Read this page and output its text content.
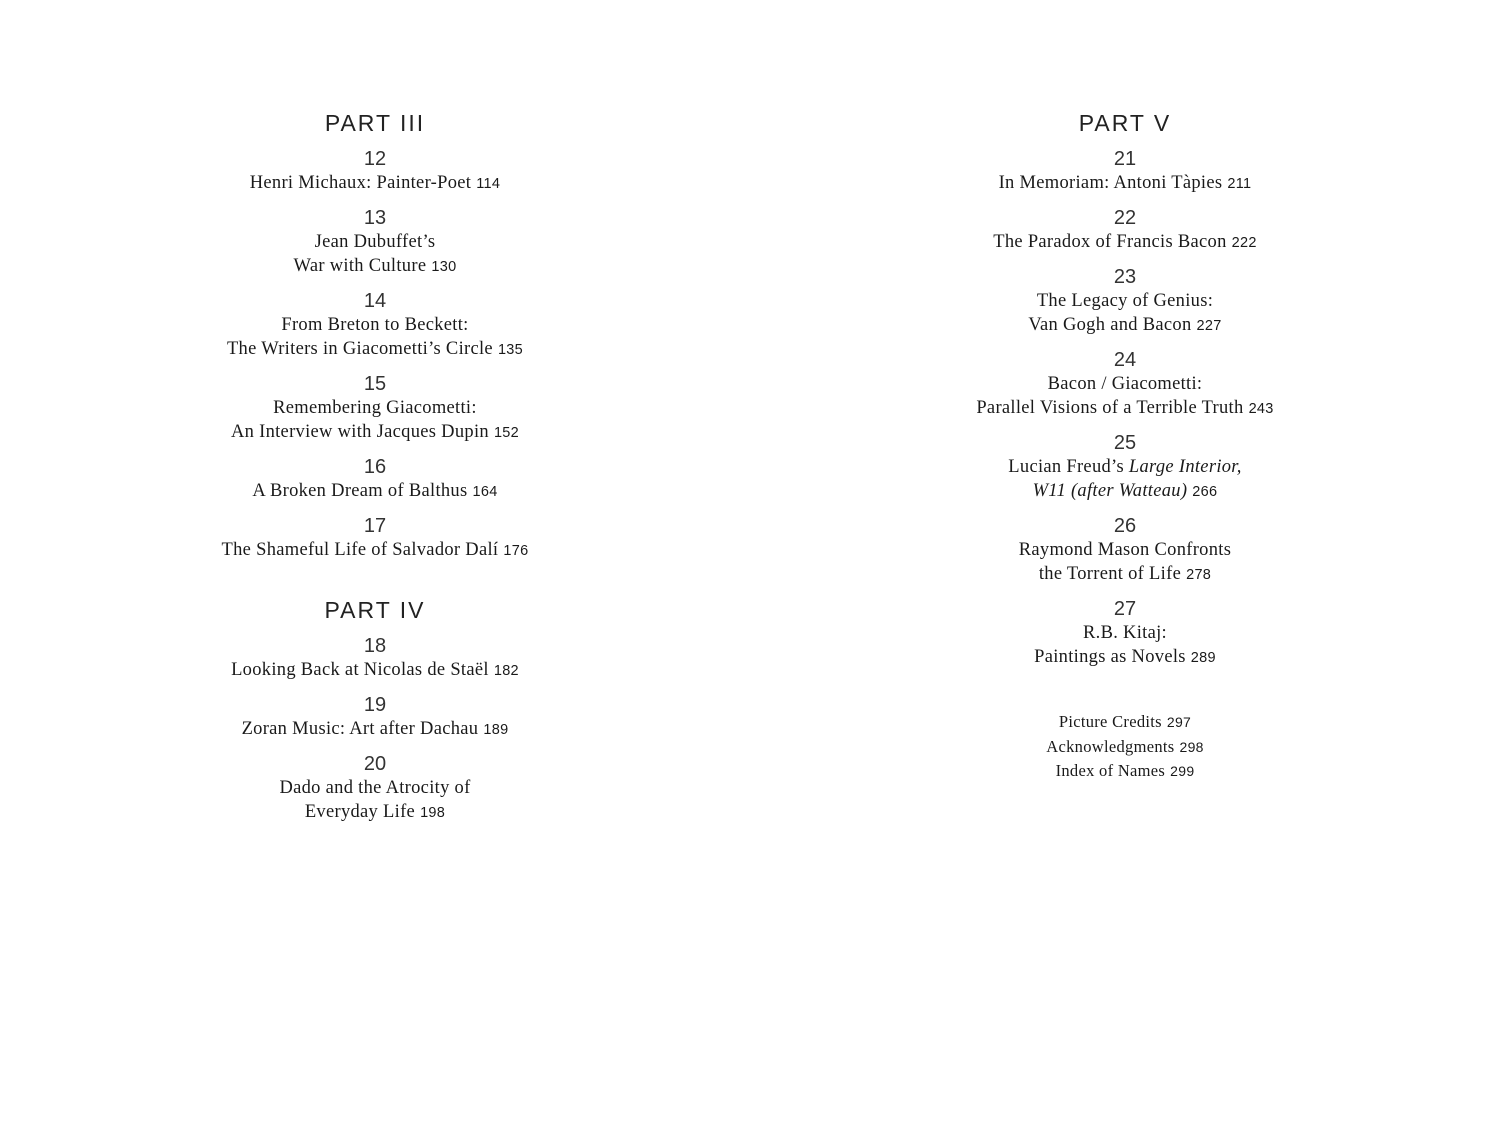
PART III
12
Henri Michaux: Painter-Poet 114
13
Jean Dubuffet’s
War with Culture 130
14
From Breton to Beckett:
The Writers in Giacometti’s Circle 135
15
Remembering Giacometti:
An Interview with Jacques Dupin 152
16
A Broken Dream of Balthus 164
17
The Shameful Life of Salvador Dalí 176
PART IV
18
Looking Back at Nicolas de Staël 182
19
Zoran Music: Art after Dachau 189
20
Dado and the Atrocity of
Everyday Life 198
PART V
21
In Memoriam: Antoni Tàpies 211
22
The Paradox of Francis Bacon 222
23
The Legacy of Genius:
Van Gogh and Bacon 227
24
Bacon / Giacometti:
Parallel Visions of a Terrible Truth 243
25
Lucian Freud’s Large Interior,
W11 (after Watteau) 266
26
Raymond Mason Confronts
the Torrent of Life 278
27
R.B. Kitaj:
Paintings as Novels 289
Picture Credits 297
Acknowledgments 298
Index of Names 299
